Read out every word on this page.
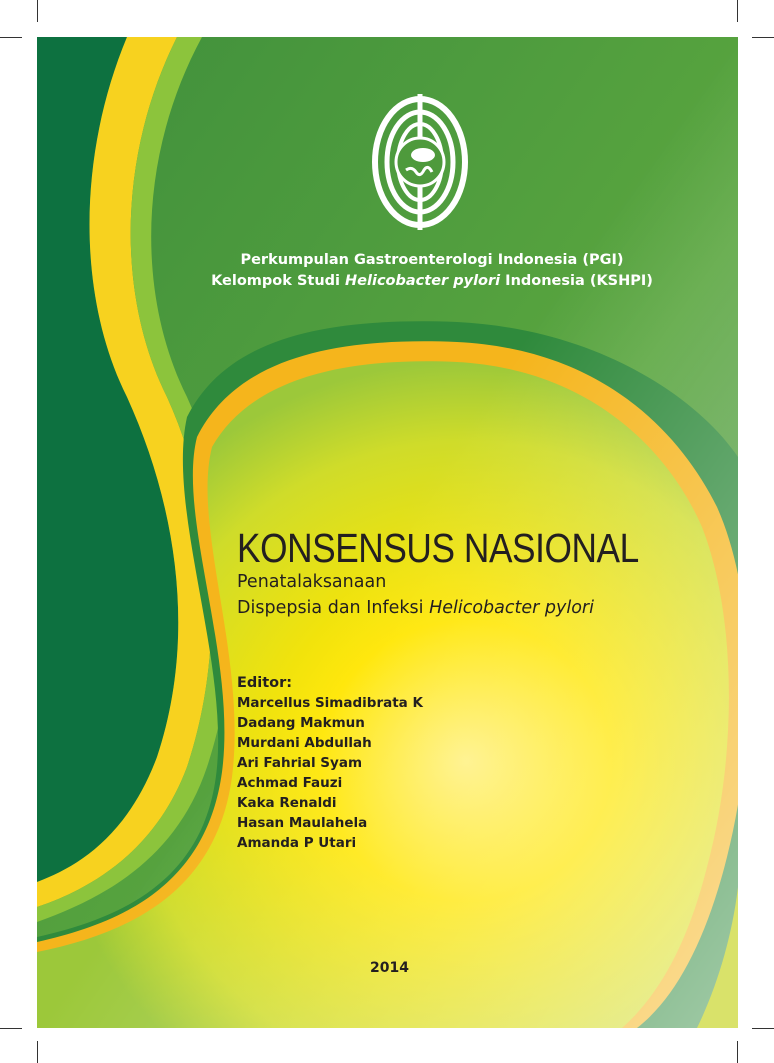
Perkumpulan Gastroenterologi Indonesia (PGI)
Kelompok Studi Helicobacter pylori Indonesia (KSHPI)
KONSENSUS NASIONAL
Penatalaksanaan
Dispepsia dan Infeksi Helicobacter pylori
Editor:
Marcellus Simadibrata K
Dadang Makmun
Murdani Abdullah
Ari Fahrial Syam
Achmad Fauzi
Kaka Renaldi
Hasan Maulahela
Amanda P Utari
2014
